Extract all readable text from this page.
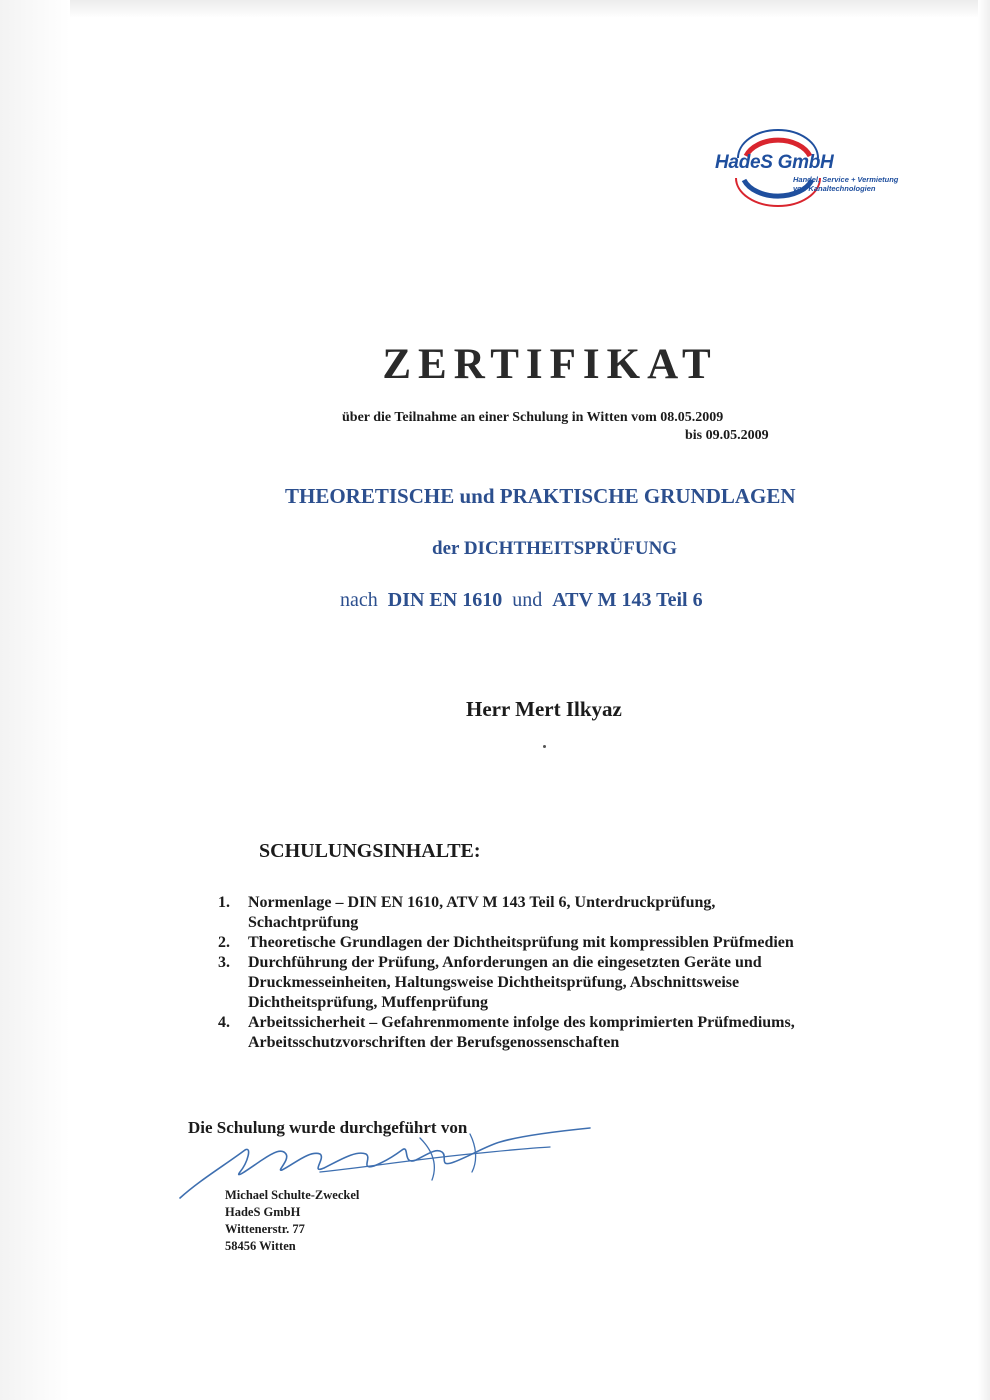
HadeS GmbH
Handel, Service + Vermietung
von Kanaltechnologien
ZERTIFIKAT
über die Teilnahme an einer Schulung in Witten vom 08.05.2009
bis 09.05.2009
THEORETISCHE und PRAKTISCHE GRUNDLAGEN
der DICHTHEITSPRÜFUNG
nach DIN EN 1610 und ATV M 143 Teil 6
Herr Mert Ilkyaz
SCHULUNGSINHALTE:
1. Normenlage – DIN EN 1610, ATV M 143 Teil 6, Unterdruckprüfung,
Schachtprüfung
2. Theoretische Grundlagen der Dichtheitsprüfung mit kompressiblen Prüfmedien
3. Durchführung der Prüfung, Anforderungen an die eingesetzten Geräte und
Druckmesseinheiten, Haltungsweise Dichtheitsprüfung, Abschnittsweise
Dichtheitsprüfung, Muffenprüfung
4. Arbeitssicherheit – Gefahrenmomente infolge des komprimierten Prüfmediums,
Arbeitsschutzvorschriften der Berufsgenossenschaften
Die Schulung wurde durchgeführt von
Michael Schulte-Zweckel
HadeS GmbH
Wittenerstr. 77
58456 Witten
